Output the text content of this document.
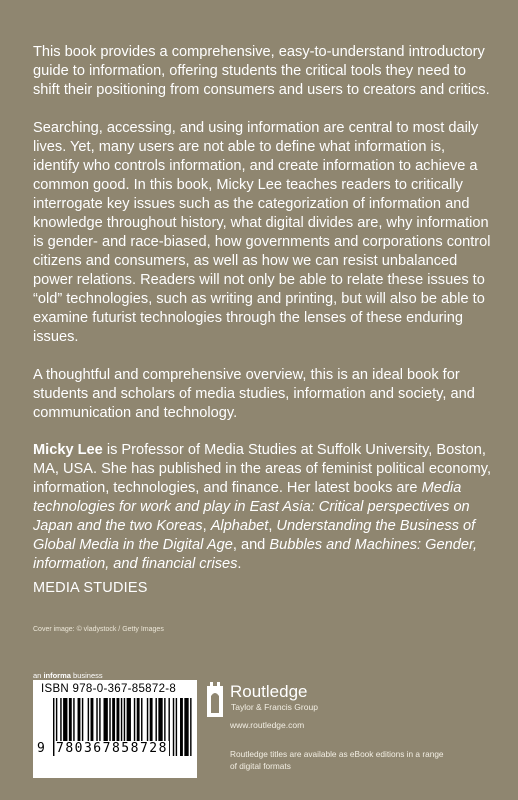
This book provides a comprehensive, easy-to-understand introductory guide to information, offering students the critical tools they need to shift their positioning from consumers and users to creators and critics.

Searching, accessing, and using information are central to most daily lives. Yet, many users are not able to define what information is, identify who controls information, and create information to achieve a common good. In this book, Micky Lee teaches readers to critically interrogate key issues such as the categorization of information and knowledge throughout history, what digital divides are, why information is gender- and race-biased, how governments and corporations control citizens and consumers, as well as how we can resist unbalanced power relations. Readers will not only be able to relate these issues to “old” technologies, such as writing and printing, but will also be able to examine futurist technologies through the lenses of these enduring issues.

A thoughtful and comprehensive overview, this is an ideal book for students and scholars of media studies, information and society, and communication and technology.

Micky Lee is Professor of Media Studies at Suffolk University, Boston, MA, USA. She has published in the areas of feminist political economy, information, technologies, and finance. Her latest books are Media technologies for work and play in East Asia: Critical perspectives on Japan and the two Koreas, Alphabet, Understanding the Business of Global Media in the Digital Age, and Bubbles and Machines: Gender, information, and financial crises.

MEDIA STUDIES
Cover image: © vladystock / Getty Images
an informa business
ISBN 978-0-367-85872-8
9 780367858728
Routledge
Taylor & Francis Group
www.routledge.com
Routledge titles are available as eBook editions in a range of digital formats
